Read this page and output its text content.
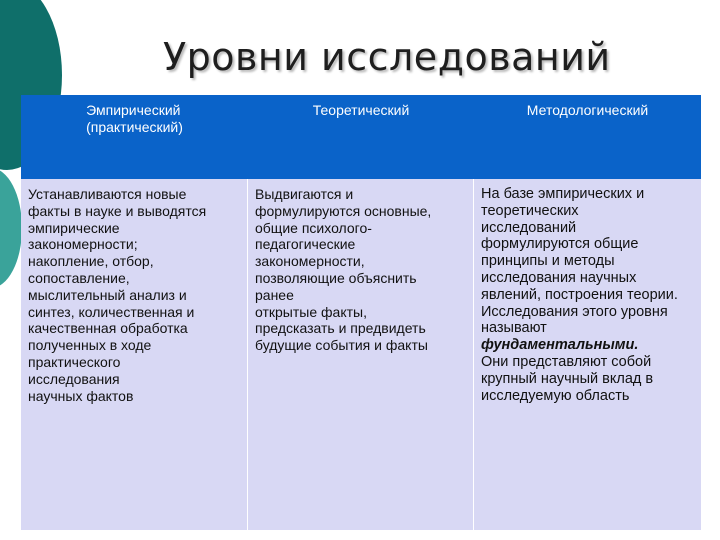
Уровни исследований
Эмпирический
(практический)
Теоретический	Методологический
Устанавливаются новые
факты в науке и выводятся
эмпирические
закономерности;
накопление, отбор,
сопоставление,
мыслительный анализ и
синтез, количественная и
качественная обработка
полученных в ходе
практического
исследования
научных фактов
Выдвигаются и
формулируются основные,
общие психолого-
педагогические
закономерности,
позволяющие объяснить
ранее
открытые факты,
предсказать и предвидеть
будущие события и факты
На базе эмпирических и
теоретических
исследований
формулируются общие
принципы и методы
исследования научных
явлений, построения теории.
Исследования этого уровня
называют
фундаментальными.
Они представляют собой
крупный научный вклад в
исследуемую область
